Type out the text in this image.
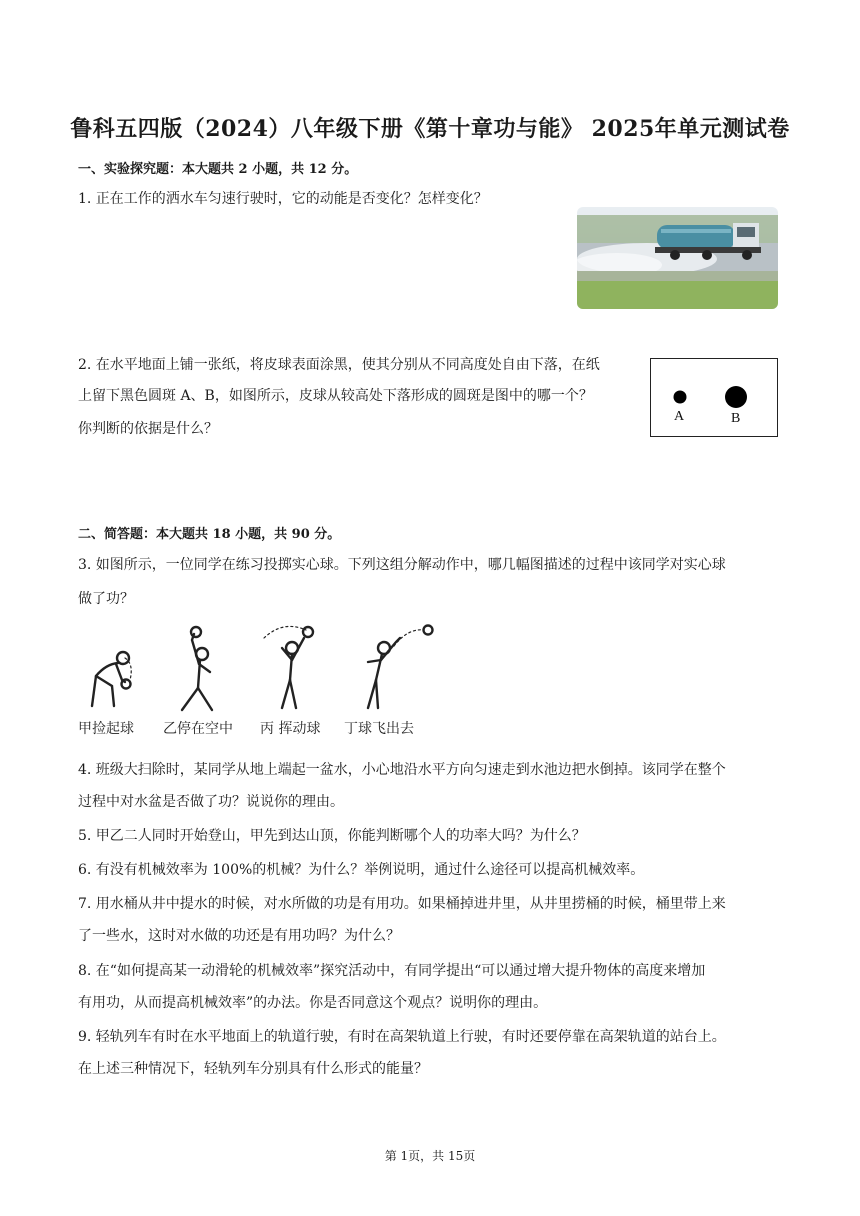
鲁科五四版（2024）八年级下册《第十章功与能》 2025年单元测试卷
一、实验探究题：本大题共 2 小题，共 12 分。
1. 正在工作的洒水车匀速行驶时，它的动能是否变化？怎样变化？
2. 在水平地面上铺一张纸，将皮球表面涂黑，使其分别从不同高度处自由下落，在纸
上留下黑色圆斑 A、B，如图所示，皮球从较高处下落形成的圆斑是图中的哪一个？
你判断的依据是什么？
A	B
二、简答题：本大题共 18 小题，共 90 分。
3. 如图所示，一位同学在练习投掷实心球。下列这组分解动作中，哪几幅图描述的过程中该同学对实心球
做了功？
甲捡起球 乙停在空中 丙 挥动球 丁球飞出去
4. 班级大扫除时，某同学从地上端起一盆水，小心地沿水平方向匀速走到水池边把水倒掉。该同学在整个
过程中对水盆是否做了功？说说你的理由。
5. 甲乙二人同时开始登山，甲先到达山顶，你能判断哪个人的功率大吗？为什么？
6. 有没有机械效率为 100%的机械？为什么？举例说明，通过什么途径可以提高机械效率。
7. 用水桶从井中提水的时候，对水所做的功是有用功。如果桶掉进井里，从井里捞桶的时候，桶里带上来
了一些水，这时对水做的功还是有用功吗？为什么？
8. 在“如何提高某一动滑轮的机械效率”探究活动中，有同学提出“可以通过增大提升物体的高度来增加
有用功，从而提高机械效率”的办法。你是否同意这个观点？说明你的理由。
9. 轻轨列车有时在水平地面上的轨道行驶，有时在高架轨道上行驶，有时还要停靠在高架轨道的站台上。
在上述三种情况下，轻轨列车分别具有什么形式的能量？
第 1页，共 15页
